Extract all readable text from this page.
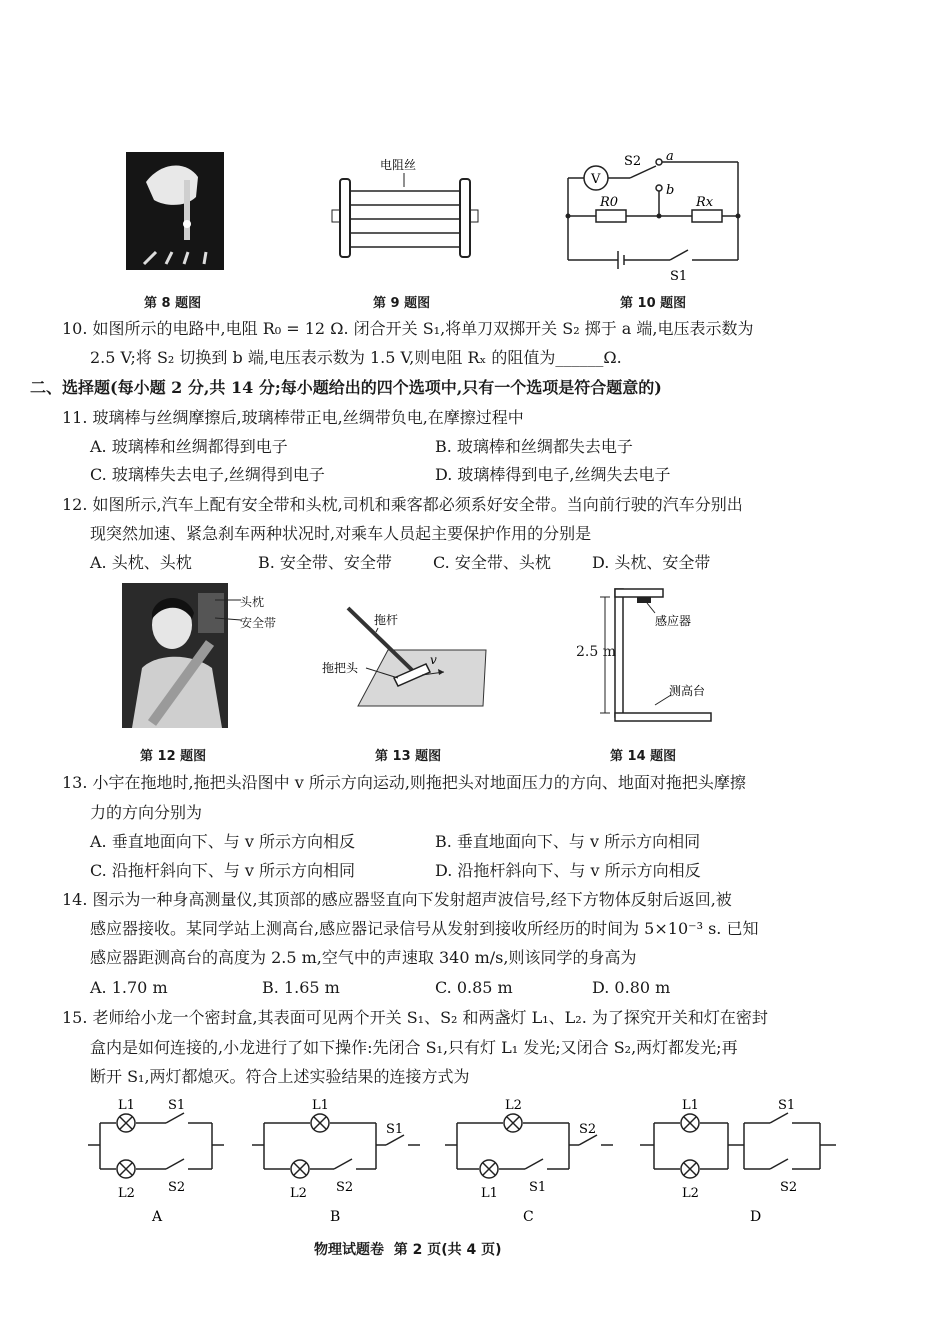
第 8 题图
电阻丝
第 9 题图
V
S2 a
b
R0	Rx
S1
第 10 题图
10. 如图所示的电路中,电阻 R₀ = 12 Ω. 闭合开关 S₁,将单刀双掷开关 S₂ 掷于 a 端,电压表示数为
2.5 V;将 S₂ 切换到 b 端,电压表示数为 1.5 V,则电阻 Rₓ 的阻值为______Ω.
二、选择题(每小题 2 分,共 14 分;每小题给出的四个选项中,只有一个选项是符合题意的)
11. 玻璃棒与丝绸摩擦后,玻璃棒带正电,丝绸带负电,在摩擦过程中
A. 玻璃棒和丝绸都得到电子	B. 玻璃棒和丝绸都失去电子
C. 玻璃棒失去电子,丝绸得到电子	D. 玻璃棒得到电子,丝绸失去电子
12. 如图所示,汽车上配有安全带和头枕,司机和乘客都必须系好安全带。当向前行驶的汽车分别出
现突然加速、紧急刹车两种状况时,对乘车人员起主要保护作用的分别是
A. 头枕、头枕	B. 安全带、安全带	C. 安全带、头枕	D. 头枕、安全带
头枕
安全带
第 12 题图
拖杆
拖把头
v
第 13 题图
感应器
测高台
2.5 m
第 14 题图
13. 小宇在拖地时,拖把头沿图中 v 所示方向运动,则拖把头对地面压力的方向、地面对拖把头摩擦
力的方向分别为
A. 垂直地面向下、与 v 所示方向相反	B. 垂直地面向下、与 v 所示方向相同
C. 沿拖杆斜向下、与 v 所示方向相同	D. 沿拖杆斜向下、与 v 所示方向相反
14. 图示为一种身高测量仪,其顶部的感应器竖直向下发射超声波信号,经下方物体反射后返回,被
感应器接收。某同学站上测高台,感应器记录信号从发射到接收所经历的时间为 5×10⁻³ s. 已知
感应器距测高台的高度为 2.5 m,空气中的声速取 340 m/s,则该同学的身高为
A. 1.70 m	B. 1.65 m	C. 0.85 m	D. 0.80 m
15. 老师给小龙一个密封盒,其表面可见两个开关 S₁、S₂ 和两盏灯 L₁、L₂. 为了探究开关和灯在密封
盒内是如何连接的,小龙进行了如下操作:先闭合 S₁,只有灯 L₁ 发光;又闭合 S₂,两灯都发光;再
断开 S₁,两灯都熄灭。符合上述实验结果的连接方式为
L1	S1
L2	S2
A
L1
L2 S2
S1
B
L2
L1 S1
S2
C
L1	S1
L2	S2
D
物理试题卷  第 2 页(共 4 页)
